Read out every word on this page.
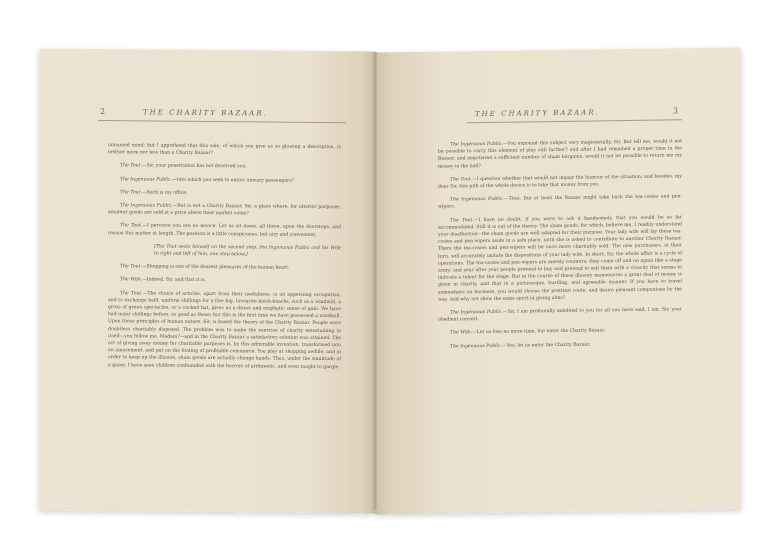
2	THE CHARITY BAZAAR.

unnamed mind; but I apprehend that this sale, of which you give us so glowing a description, is neither more nor less than a Charity Bazaar?

The Tout.—Sir, your penetration has not deceived you.

The Ingenuous Public.—Into which you seek to entice unwary passengers?

The Tout.—Such is my office.

The Ingenuous Public.—But is not a Charity Bazaar, Sir, a place where, for ulterior purposes, amateur goods are sold at a price above their market value?

The Tout.—I perceive you are no novice. Let us sit down, all three, upon the doorsteps, and reason this matter at length. The position is a little conspicuous, but airy and convenient.

[The Tout seats himself on the second step, the Ingenuous Public and his Wife to right and left of him, one step below.]

The Tout.—Shopping is one of the dearest pleasures of the human heart.

The Wife.—Indeed, Sir, and that it is.

The Tout.—The choice of articles, apart from their usefulness, is an appetising occupation, and to exchange bald, uniform shillings for a fine big, favourite knick-knacks, such as a windmill, a gross of green spectacles, or a cocked hat, gives us a direct and emphatic sense of gain. We have had many shillings before, so good as these; but this is the first time we have possessed a windmill. Upon these principles of human nature, Sir, is based the theory of the Charity Bazaar. People were doubtless charitably disposed. The problem was to make the exercise of charity entertaining in itself—you follow me, Madam?—and in the Charity Bazaar a satisfactory solution was attained. The act of giving away money for charitable purposes is, by this admirable invention, transformed into an amusement, and put on the footing of profitable commerce. You play at shopping awhile, and in order to keep up the illusion, sham goods are actually change hands. Thus, under the similitude of a game, I have seen children confounded with the horrors of arithmetic, and even taught to gargle.

THE CHARITY BAZAAR.	3

The Ingenuous Public.—You expound this subject very magisterially, Sir. But tell me, would it not be possible to carry this element of play still farther? and after I had remained a proper time in the Bazaar, and negotiated a sufficient number of sham bargains, would it not be possible to return me my money in the hall?

The Tout.—I question whether that would not impair the humour of the situation; and besides, my dear Sir, this pith of the whole device is to take that money from you.

The Ingenuous Public.—True. But at least the Bazaar might take back the tea-cosies and pen-wipers.

The Tout.—I have no doubt, if you were to ask it handsomely, that you would be so far accommodated. Still it is out of the theory. The sham goods, for which, believe me, I readily understand your disaffection—the sham goods are well adapted for their purpose. Your lady wife will lay these tea-cosies and pen-wipers aside in a safe place, until she is asked to contribute to another Charity Bazaar. There the tea-cosies and pen-wipers will be once more charitably sold. The new purchasers, in their turn, will accurately imitate the dispositions of your lady wife. In short, Sir, the whole affair is a cycle of operations. The tea-cosies and pen-wipers are merely counters; they come off and on again like a stage army; and year after year people pretend to buy and pretend to sell them with a vivacity that seems to indicate a talent for the stage. But in the course of these illusory manoeuvres a great deal of money is given in charity, and that in a picturesque, bustling, and agreeable manner. If you have to travel somewhere on business, you would choose the prettiest route, and desire pleasant companions by the way. And why not show the same spirit in giving alms?

The Ingenuous Public.—Sir, I am profoundly indebted to you for all you have said. I am, Sir, your obedient convert.

The Wife.—Let us lose no more time, but enter the Charity Bazaar.

The Ingenuous Public.—Yes; let us enter the Charity Bazaar.
